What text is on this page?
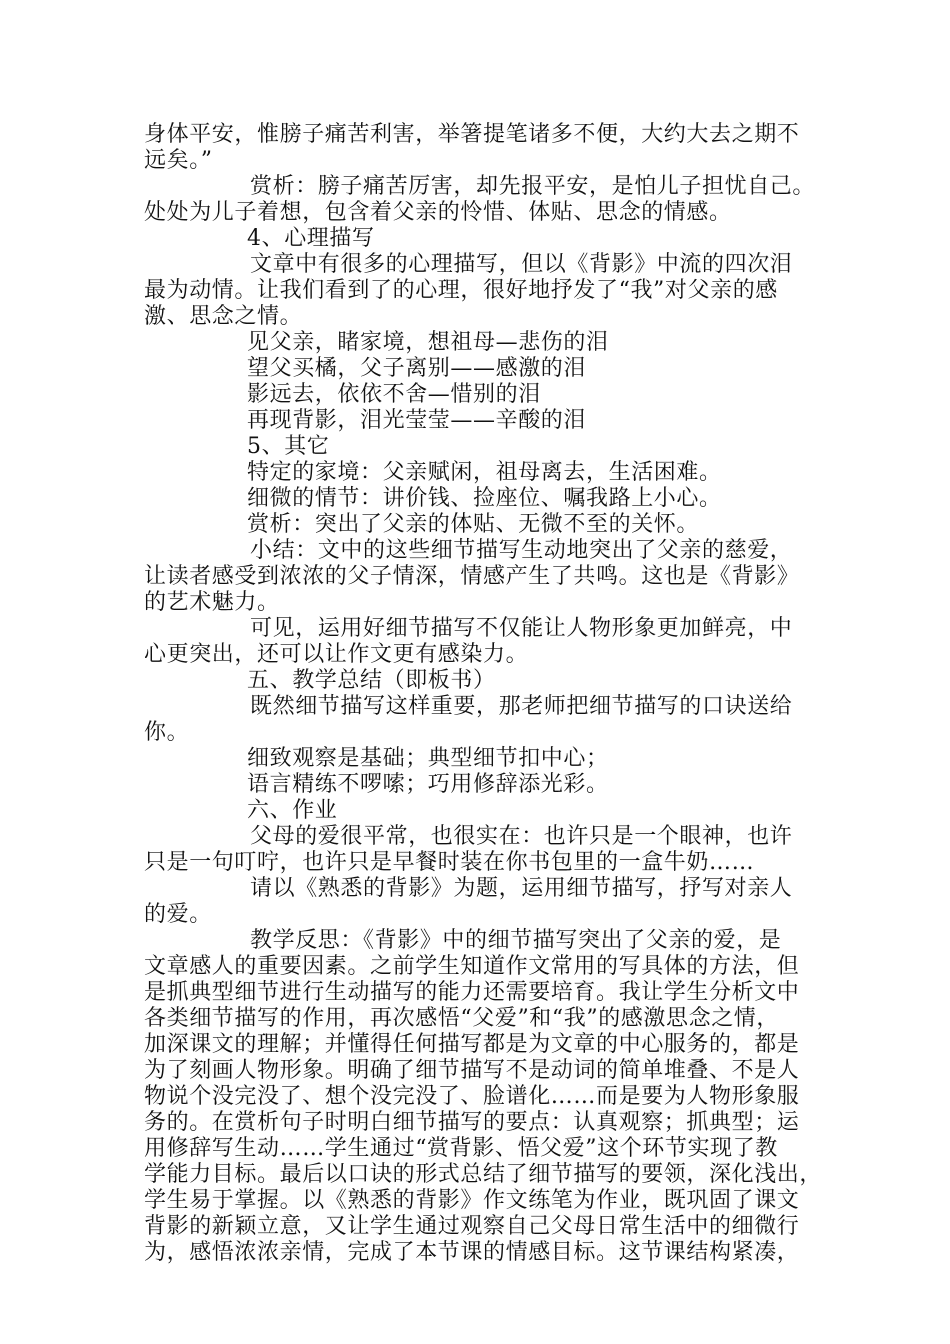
身体平安，惟膀子痛苦利害，举箸提笔诸多不便，大约大去之期不
远矣。”
赏析：膀子痛苦厉害，却先报平安，是怕儿子担忧自己。
处处为儿子着想，包含着父亲的怜惜、体贴、思念的情感。
4、心理描写
文章中有很多的心理描写，但以《背影》中流的四次泪
最为动情。让我们看到了的心理，很好地抒发了“我”对父亲的感
激、思念之情。
见父亲，睹家境，想祖母—悲伤的泪
望父买橘，父子离别——感激的泪
影远去，依依不舍—惜别的泪
再现背影，泪光莹莹——辛酸的泪
5、其它
特定的家境：父亲赋闲，祖母离去，生活困难。
细微的情节：讲价钱、捡座位、嘱我路上小心。
赏析：突出了父亲的体贴、无微不至的关怀。
小结：文中的这些细节描写生动地突出了父亲的慈爱，
让读者感受到浓浓的父子情深，情感产生了共鸣。这也是《背影》
的艺术魅力。
可见，运用好细节描写不仅能让人物形象更加鲜亮，中
心更突出，还可以让作文更有感染力。
五、教学总结（即板书）
既然细节描写这样重要，那老师把细节描写的口诀送给
你。
细致观察是基础；典型细节扣中心；
语言精练不啰嗦；巧用修辞添光彩。
六、作业
父母的爱很平常，也很实在：也许只是一个眼神，也许
只是一句叮咛，也许只是早餐时装在你书包里的一盒牛奶……
请以《熟悉的背影》为题，运用细节描写，抒写对亲人
的爱。
教学反思：《背影》中的细节描写突出了父亲的爱，是
文章感人的重要因素。之前学生知道作文常用的写具体的方法，但
是抓典型细节进行生动描写的能力还需要培育。我让学生分析文中
各类细节描写的作用，再次感悟“父爱”和“我”的感激思念之情，
加深课文的理解；并懂得任何描写都是为文章的中心服务的，都是
为了刻画人物形象。明确了细节描写不是动词的简单堆叠、不是人
物说个没完没了、想个没完没了、脸谱化……而是要为人物形象服
务的。在赏析句子时明白细节描写的要点：认真观察；抓典型；运
用修辞写生动……学生通过“赏背影、悟父爱”这个环节实现了教
学能力目标。最后以口诀的形式总结了细节描写的要领，深化浅出，
学生易于掌握。以《熟悉的背影》作文练笔为作业，既巩固了课文
背影的新颖立意，又让学生通过观察自己父母日常生活中的细微行
为，感悟浓浓亲情，完成了本节课的情感目标。这节课结构紧凑，
